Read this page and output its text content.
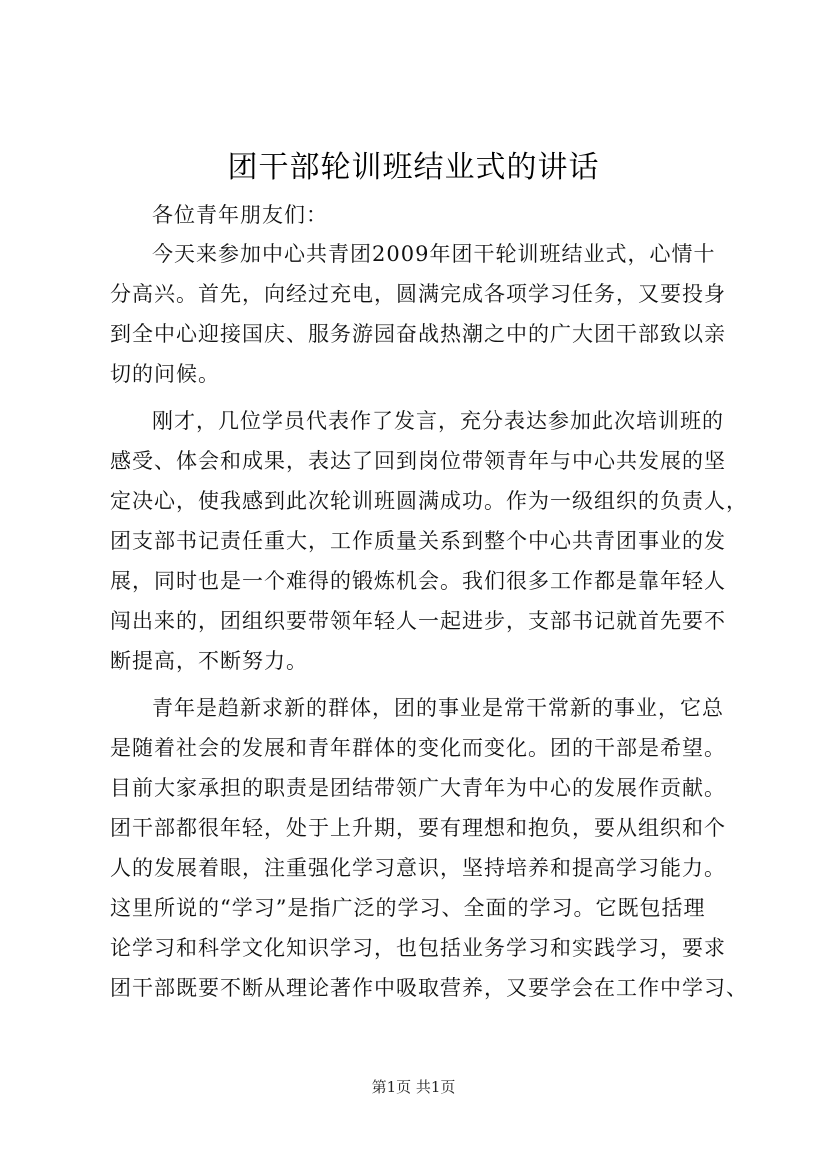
团干部轮训班结业式的讲话
各位青年朋友们：
今天来参加中心共青团2009年团干轮训班结业式，心情十
分高兴。首先，向经过充电，圆满完成各项学习任务，又要投身
到全中心迎接国庆、服务游园奋战热潮之中的广大团干部致以亲
切的问候。
刚才，几位学员代表作了发言，充分表达参加此次培训班的
感受、体会和成果，表达了回到岗位带领青年与中心共发展的坚
定决心，使我感到此次轮训班圆满成功。作为一级组织的负责人，
团支部书记责任重大，工作质量关系到整个中心共青团事业的发
展，同时也是一个难得的锻炼机会。我们很多工作都是靠年轻人
闯出来的，团组织要带领年轻人一起进步，支部书记就首先要不
断提高，不断努力。
青年是趋新求新的群体，团的事业是常干常新的事业，它总
是随着社会的发展和青年群体的变化而变化。团的干部是希望。
目前大家承担的职责是团结带领广大青年为中心的发展作贡献。
团干部都很年轻，处于上升期，要有理想和抱负，要从组织和个
人的发展着眼，注重强化学习意识，坚持培养和提高学习能力。
这里所说的“学习”是指广泛的学习、全面的学习。它既包括理
论学习和科学文化知识学习，也包括业务学习和实践学习，要求
团干部既要不断从理论著作中吸取营养，又要学会在工作中学习、
第1页 共1页
